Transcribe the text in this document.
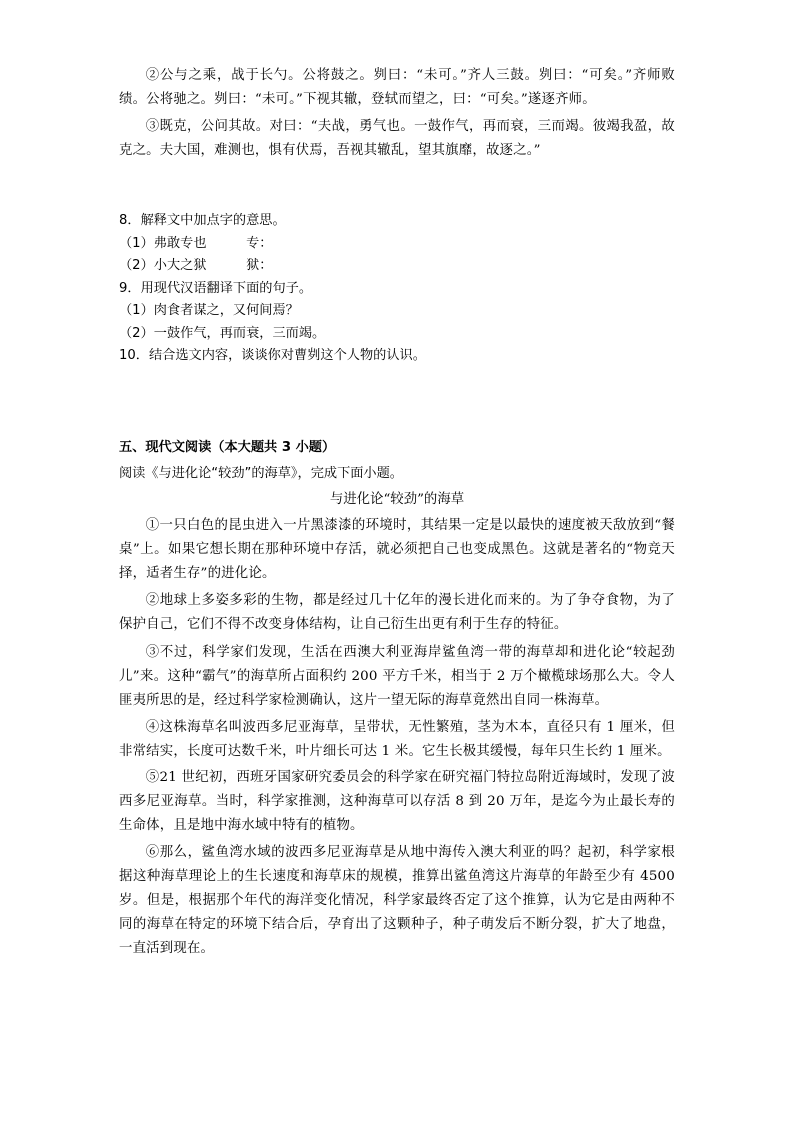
②公与之乘，战于长勺。公将鼓之。刿曰：“未可。”齐人三鼓。刿曰：“可矣。”齐师败绩。公将驰之。刿曰：“未可。”下视其辙，登轼而望之，曰：“可矣。”遂逐齐师。

③既克，公问其故。对曰：“夫战，勇气也。一鼓作气，再而衰，三而竭。彼竭我盈，故克之。夫大国，难测也，惧有伏焉，吾视其辙乱，望其旗靡，故逐之。”

8．解释文中加点字的意思。

（1）弗敢专也　　　专：

（2）小大之狱　　　狱：

9．用现代汉语翻译下面的句子。

（1）肉食者谋之，又何间焉？

（2）一鼓作气，再而衰，三而竭。

10．结合选文内容，谈谈你对曹刿这个人物的认识。

五、现代文阅读（本大题共 3 小题）

阅读《与进化论“较劲”的海草》，完成下面小题。

与进化论“较劲”的海草

①一只白色的昆虫进入一片黑漆漆的环境时，其结果一定是以最快的速度被天敌放到“餐桌”上。如果它想长期在那种环境中存活，就必须把自己也变成黑色。这就是著名的“物竞天择，适者生存”的进化论。

②地球上多姿多彩的生物，都是经过几十亿年的漫长进化而来的。为了争夺食物，为了保护自己，它们不得不改变身体结构，让自己衍生出更有利于生存的特征。

③不过，科学家们发现，生活在西澳大利亚海岸鲨鱼湾一带的海草却和进化论“较起劲儿”来。这种“霸气”的海草所占面积约 200 平方千米，相当于 2 万个橄榄球场那么大。令人匪夷所思的是，经过科学家检测确认，这片一望无际的海草竟然出自同一株海草。

④这株海草名叫波西多尼亚海草，呈带状，无性繁殖，茎为木本，直径只有 1 厘米，但非常结实，长度可达数千米，叶片细长可达 1 米。它生长极其缓慢，每年只生长约 1 厘米。

⑤21 世纪初，西班牙国家研究委员会的科学家在研究福门特拉岛附近海域时，发现了波西多尼亚海草。当时，科学家推测，这种海草可以存活 8 到 20 万年，是迄今为止最长寿的生命体，且是地中海水域中特有的植物。

⑥那么，鲨鱼湾水域的波西多尼亚海草是从地中海传入澳大利亚的吗？起初，科学家根据这种海草理论上的生长速度和海草床的规模，推算出鲨鱼湾这片海草的年龄至少有 4500 岁。但是，根据那个年代的海洋变化情况，科学家最终否定了这个推算，认为它是由两种不同的海草在特定的环境下结合后，孕育出了这颗种子，种子萌发后不断分裂，扩大了地盘，一直活到现在。
